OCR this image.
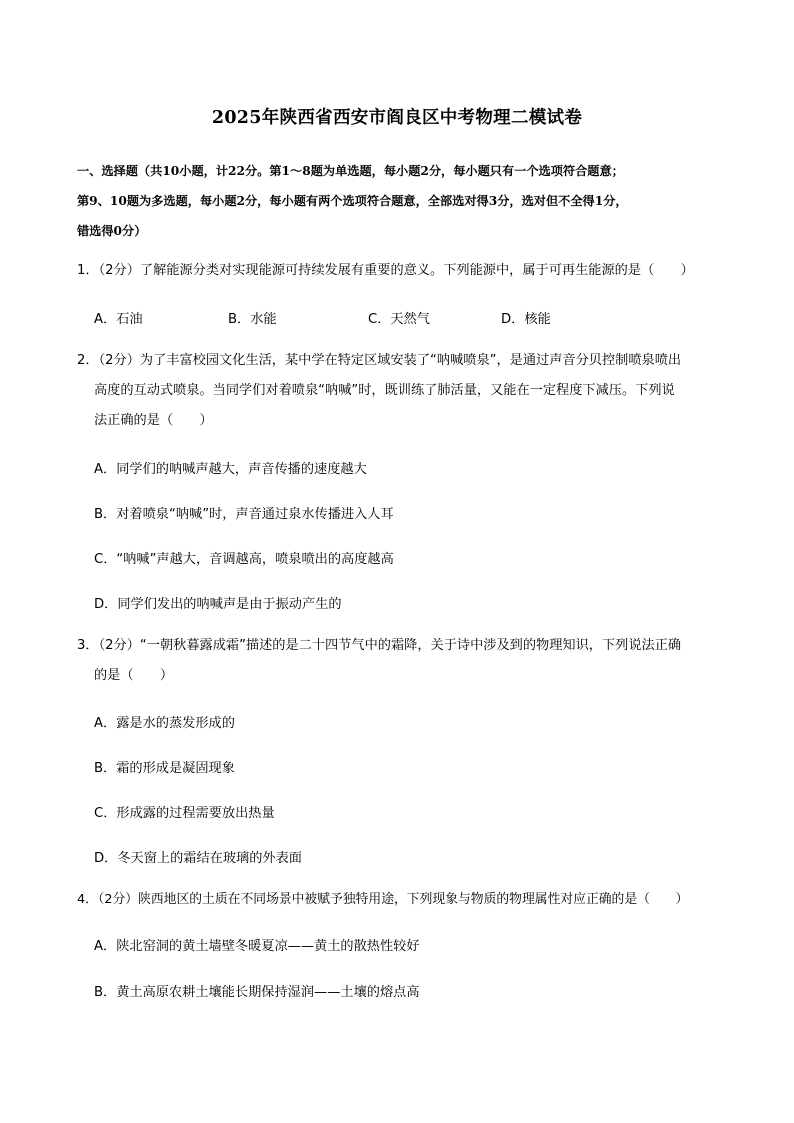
2025年陕西省西安市阎良区中考物理二模试卷
一、选择题（共10小题，计22分。第1～8题为单选题，每小题2分，每小题只有一个选项符合题意；
第9、10题为多选题，每小题2分，每小题有两个选项符合题意，全部选对得3分，选对但不全得1分，
错选得0分）
1．（2分）了解能源分类对实现能源可持续发展有重要的意义。下列能源中，属于可再生能源的是（　　）
A．石油	B．水能	C．天然气	D．核能
2．（2分）为了丰富校园文化生活，某中学在特定区域安装了“呐喊喷泉”，是通过声音分贝控制喷泉喷出
高度的互动式喷泉。当同学们对着喷泉“呐喊”时，既训练了肺活量，又能在一定程度下减压。下列说
法正确的是（　　）
A．同学们的呐喊声越大，声音传播的速度越大
B．对着喷泉“呐喊”时，声音通过泉水传播进入人耳
C．“呐喊”声越大，音调越高，喷泉喷出的高度越高
D．同学们发出的呐喊声是由于振动产生的
3．（2分）“一朝秋暮露成霜”描述的是二十四节气中的霜降，关于诗中涉及到的物理知识，下列说法正确
的是（　　）
A．露是水的蒸发形成的
B．霜的形成是凝固现象
C．形成露的过程需要放出热量
D．冬天窗上的霜结在玻璃的外表面
4．（2分）陕西地区的土质在不同场景中被赋予独特用途，下列现象与物质的物理属性对应正确的是（　　）
A．陕北窑洞的黄土墙壁冬暖夏凉——黄土的散热性较好
B．黄土高原农耕土壤能长期保持湿润——土壤的熔点高
